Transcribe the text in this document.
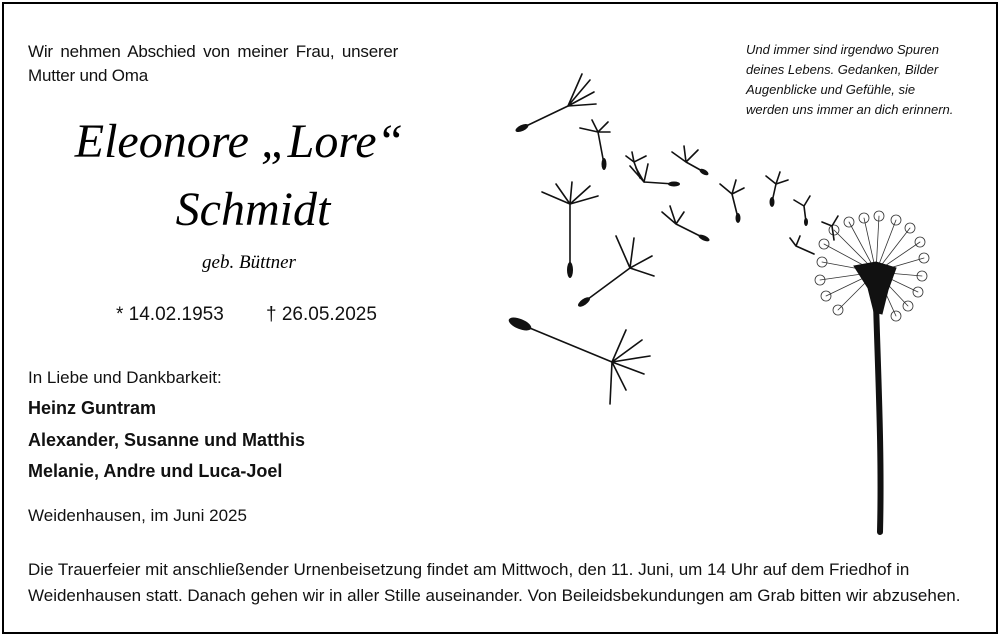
Wir nehmen Abschied von meiner Frau, unserer
Mutter und Oma
Eleonore „Lore“
Schmidt
geb. Büttner
* 14.02.1953 † 26.05.2025
In Liebe und Dankbarkeit:
Heinz Guntram
Alexander, Susanne und Matthis
Melanie, Andre und Luca-Joel
Weidenhausen, im Juni 2025
Die Trauerfeier mit anschließender Urnenbeisetzung findet am Mittwoch, den 11. Juni, um 14 Uhr auf dem Friedhof in
Weidenhausen statt. Danach gehen wir in aller Stille auseinander. Von Beileidsbekundungen am Grab bitten wir abzusehen.
Und immer sind irgendwo Spuren
deines Lebens. Gedanken, Bilder
Augenblicke und Gefühle, sie
werden uns immer an dich erinnern.
